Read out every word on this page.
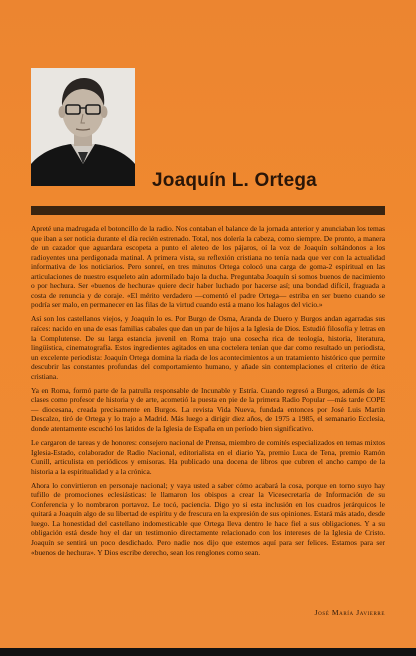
Joaquín L. Ortega

Apreté una madrugada el botoncillo de la radio. Nos contaban el balance de la jornada anterior y anunciaban los temas que iban a ser noticia durante el día recién estrenado. Total, nos dolería la cabeza, como siempre. De pronto, a manera de un cazador que aguardara escopeta a punto el aleteo de los pájaros, oí la voz de Joaquín soltándonos a los radioyentes una perdigonada matinal. A primera vista, su reflexión cristiana no tenía nada que ver con la actualidad informativa de los noticiarios. Pero sonreí, en tres minutos Ortega colocó una carga de goma-2 espiritual en las articulaciones de nuestro esqueleto aún adormilado bajo la ducha. Preguntaba Joaquín si somos buenos de nacimiento o por hechura. Ser «buenos de hechura» quiere decir haber luchado por hacerse así; una bondad difícil, fraguada a costa de renuncia y de coraje. «El mérito verdadero —comentó el padre Ortega— estriba en ser bueno cuando se podría ser malo, en permanecer en las filas de la virtud cuando está a mano los halagos del vicio.»

Así son los castellanos viejos, y Joaquín lo es. Por Burgo de Osma, Aranda de Duero y Burgos andan agarradas sus raíces: nacido en una de esas familias cabales que dan un par de hijos a la Iglesia de Dios. Estudió filosofía y letras en la Complutense. De su larga estancia juvenil en Roma trajo una cosecha rica de teología, historia, literatura, lingüística, cinematografía. Estos ingredientes agitados en una coctelera tenían que dar como resultado un periodista, un excelente periodista: Joaquín Ortega domina la riada de los acontecimientos a un tratamiento histórico que permite descubrir las constantes profundas del comportamiento humano, y añade sin contemplaciones el criterio de ética cristiana.

Ya en Roma, formó parte de la patrulla responsable de Incunable y Estría. Cuando regresó a Burgos, además de las clases como profesor de historia y de arte, acometió la puesta en pie de la primera Radio Popular —más tarde COPE— diocesana, creada precisamente en Burgos. La revista Vida Nueva, fundada entonces por José Luis Martín Descalzo, tiró de Ortega y lo trajo a Madrid. Más luego a dirigir diez años, de 1975 a 1985, el semanario Ecclesia, donde atentamente escuchó los latidos de la Iglesia de España en un período bien significativo.

Le cargaron de tareas y de honores: consejero nacional de Prensa, miembro de comités especializados en temas mixtos Iglesia-Estado, colaborador de Radio Nacional, editorialista en el diario Ya, premio Luca de Tena, premio Ramón Cunill, articulista en periódicos y emisoras. Ha publicado una docena de libros que cubren el ancho campo de la historia a la espiritualidad y a la crónica.

Ahora lo convirtieron en personaje nacional; y vaya usted a saber cómo acabará la cosa, porque en torno suyo hay tufillo de promociones eclesiásticas: le llamaron los obispos a crear la Vicesecretaría de Información de su Conferencia y lo nombraron portavoz. Le tocó, paciencia. Digo yo si esta inclusión en los cuadros jerárquicos le quitará a Joaquín algo de su libertad de espíritu y de frescura en la expresión de sus opiniones. Estará más atado, desde luego. La honestidad del castellano indomesticable que Ortega lleva dentro le hace fiel a sus obligaciones. Y a su obligación está desde hoy el dar un testimonio directamente relacionado con los intereses de la Iglesia de Cristo. Joaquín se sentirá un poco desdichado. Pero nadie nos dijo que estemos aquí para ser felices. Estamos para ser «buenos de hechura». Y Dios escribe derecho, sean los renglones como sean.

José María Javierre
